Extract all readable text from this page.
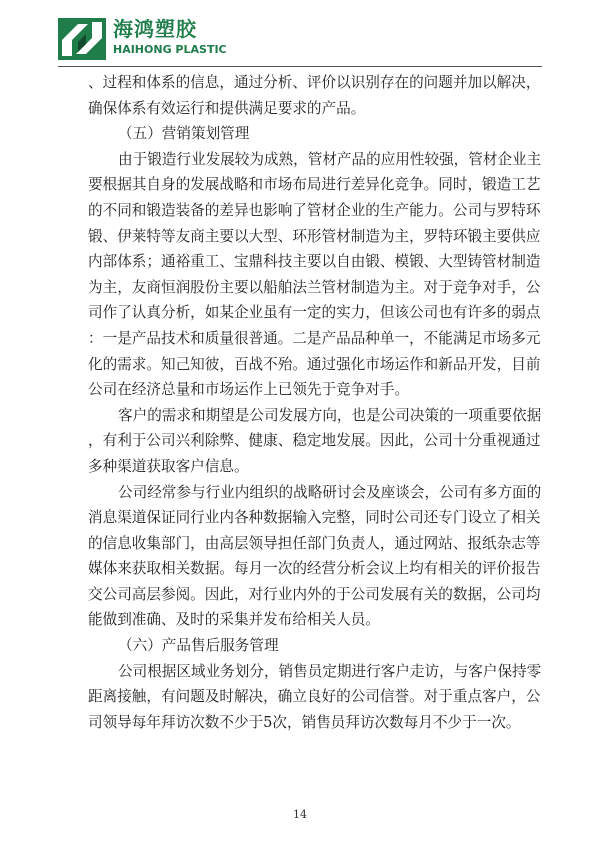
海鸿塑胶
HAIHONG PLASTIC
、过程和体系的信息，通过分析、评价以识别存在的问题并加以解决，
确保体系有效运行和提供满足要求的产品。
（五）营销策划管理
由于锻造行业发展较为成熟，管材产品的应用性较强，管材企业主
要根据其自身的发展战略和市场布局进行差异化竞争。同时，锻造工艺
的不同和锻造装备的差异也影响了管材企业的生产能力。公司与罗特环
锻、伊莱特等友商主要以大型、环形管材制造为主，罗特环锻主要供应
内部体系；通裕重工、宝鼎科技主要以自由锻、模锻、大型铸管材制造
为主，友商恒润股份主要以船舶法兰管材制造为主。对于竞争对手，公
司作了认真分析，如某企业虽有一定的实力，但该公司也有许多的弱点
：一是产品技术和质量很普通。二是产品品种单一，不能满足市场多元
化的需求。知己知彼，百战不殆。通过强化市场运作和新品开发，目前
公司在经济总量和市场运作上已领先于竞争对手。
客户的需求和期望是公司发展方向，也是公司决策的一项重要依据
，有利于公司兴利除弊、健康、稳定地发展。因此，公司十分重视通过
多种渠道获取客户信息。
公司经常参与行业内组织的战略研讨会及座谈会，公司有多方面的
消息渠道保证同行业内各种数据输入完整，同时公司还专门设立了相关
的信息收集部门，由高层领导担任部门负责人，通过网站、报纸杂志等
媒体来获取相关数据。每月一次的经营分析会议上均有相关的评价报告
交公司高层参阅。因此，对行业内外的于公司发展有关的数据，公司均
能做到准确、及时的采集并发布给相关人员。
（六）产品售后服务管理
公司根据区域业务划分，销售员定期进行客户走访，与客户保持零
距离接触，有问题及时解决，确立良好的公司信誉。对于重点客户，公
司领导每年拜访次数不少于5次，销售员拜访次数每月不少于一次。
14
